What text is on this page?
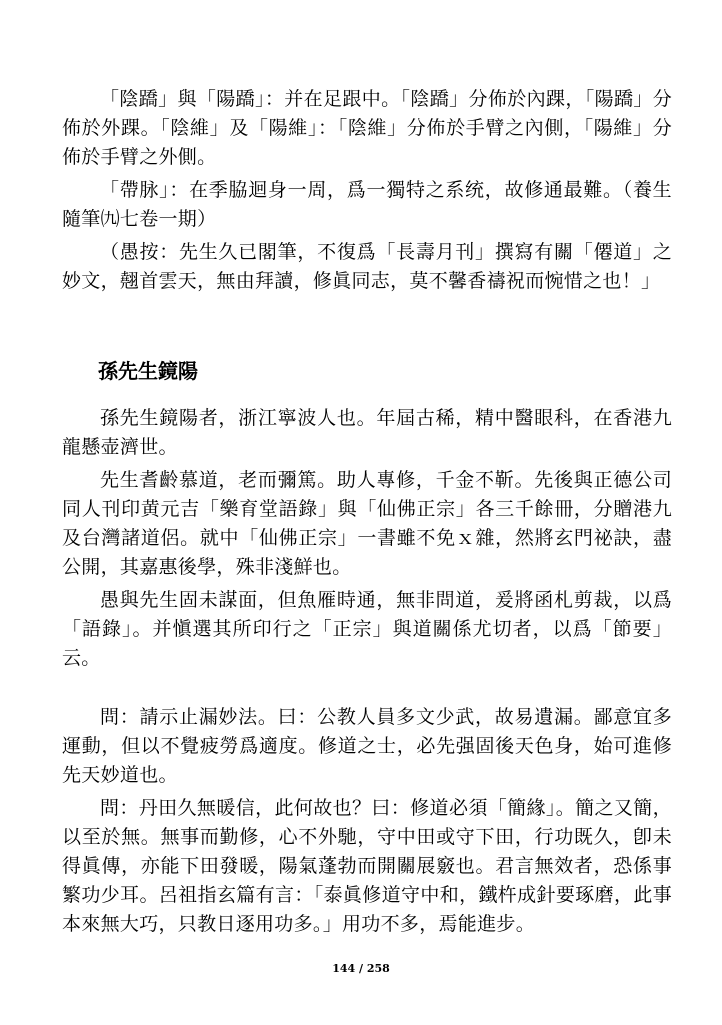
「陰蹻」與「陽蹻」：并在足跟中。「陰蹻」分佈於內踝，「陽蹻」分佈於外踝。「陰維」及「陽維」：「陰維」分佈於手臂之內側，「陽維」分佈於手臂之外側。

「帶脉」：在季脇迴身一周，爲一獨特之系统，故修通最難。（養生隨筆㈨七卷一期）

（愚按：先生久已閣筆，不復爲「長壽月刊」撰寫有關「僊道」之妙文，翹首雲天，無由拜讀，修眞同志，莫不馨香禱祝而惋惜之也！」

孫先生鏡陽

孫先生鏡陽者，浙江寧波人也。年屆古稀，精中醫眼科，在香港九龍懸壶濟世。

先生耆齡慕道，老而彌篤。助人專修，千金不靳。先後與正德公司同人刊印黄元吉「樂育堂語錄」與「仙佛正宗」各三千餘冊，分贈港九及台灣諸道侶。就中「仙佛正宗」一書雖不免ｘ雜，然將玄門祕訣，盡公開，其嘉惠後學，殊非淺鮮也。

愚與先生固未謀面，但魚雁時通，無非問道，爰將函札剪裁，以爲「語錄」。并愼選其所印行之「正宗」與道關係尤切者，以爲「節要」云。

問：請示止漏妙法。曰：公教人員多文少武，故易遺漏。鄙意宜多運動，但以不覺疲勞爲適度。修道之士，必先强固後天色身，始可進修先天妙道也。

問：丹田久無暖信，此何故也？曰：修道必須「簡緣」。簡之又簡，以至於無。無事而勤修，心不外馳，守中田或守下田，行功既久，卽未得眞傳，亦能下田發暖，陽氣蓬勃而開關展竅也。君言無效者，恐係事繁功少耳。呂祖指玄篇有言：「泰眞修道守中和，鐵杵成針要琢磨，此事本來無大巧，只教日逐用功多。」用功不多，焉能進步。

144 / 258
